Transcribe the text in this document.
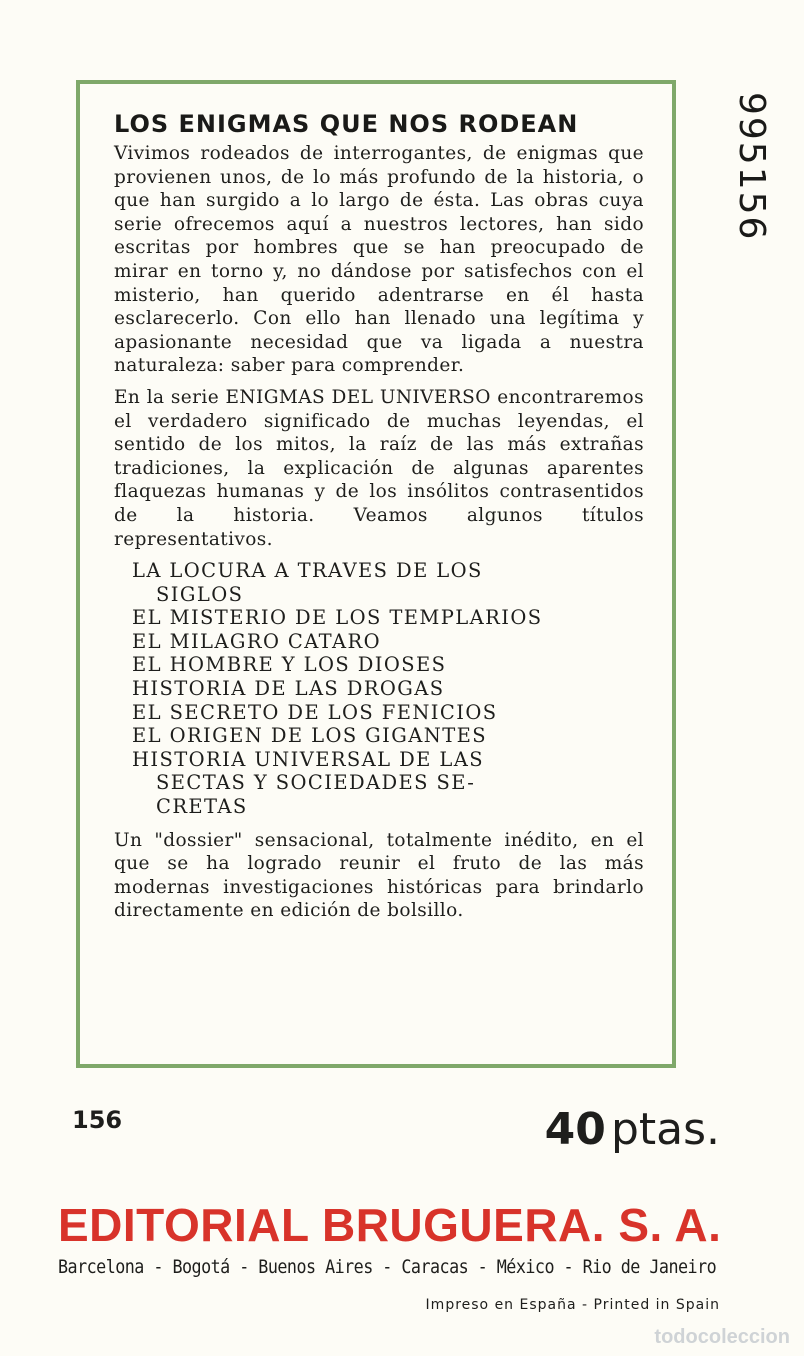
LOS ENIGMAS QUE NOS RODEAN

Vivimos rodeados de interrogantes, de enigmas que provienen unos, de lo más profundo de la historia, o que han surgido a lo largo de ésta. Las obras cuya serie ofrecemos aquí a nuestros lectores, han sido escritas por hombres que se han preocupado de mirar en torno y, no dándose por satisfechos con el misterio, han querido adentrarse en él hasta esclarecerlo. Con ello han llenado una legítima y apasionante necesidad que va ligada a nuestra naturaleza: saber para comprender.

En la serie ENIGMAS DEL UNIVERSO encontraremos el verdadero significado de muchas leyendas, el sentido de los mitos, la raíz de las más extrañas tradiciones, la explicación de algunas aparentes flaquezas humanas y de los insólitos contrasentidos de la historia. Veamos algunos títulos representativos.

LA LOCURA A TRAVES DE LOS
SIGLOS
EL MISTERIO DE LOS TEMPLARIOS
EL MILAGRO CATARO
EL HOMBRE Y LOS DIOSES
HISTORIA DE LAS DROGAS
EL SECRETO DE LOS FENICIOS
EL ORIGEN DE LOS GIGANTES
HISTORIA UNIVERSAL DE LAS
SECTAS Y SOCIEDADES SE-
CRETAS

Un "dossier" sensacional, totalmente inédito, en el que se ha logrado reunir el fruto de las más modernas investigaciones históricas para brindarlo directamente en edición de bolsillo.

995156
156	40 ptas.
EDITORIAL BRUGUERA. S. A.
Barcelona - Bogotá - Buenos Aires - Caracas - México - Rio de Janeiro
Impreso en España - Printed in Spain
todocoleccion
